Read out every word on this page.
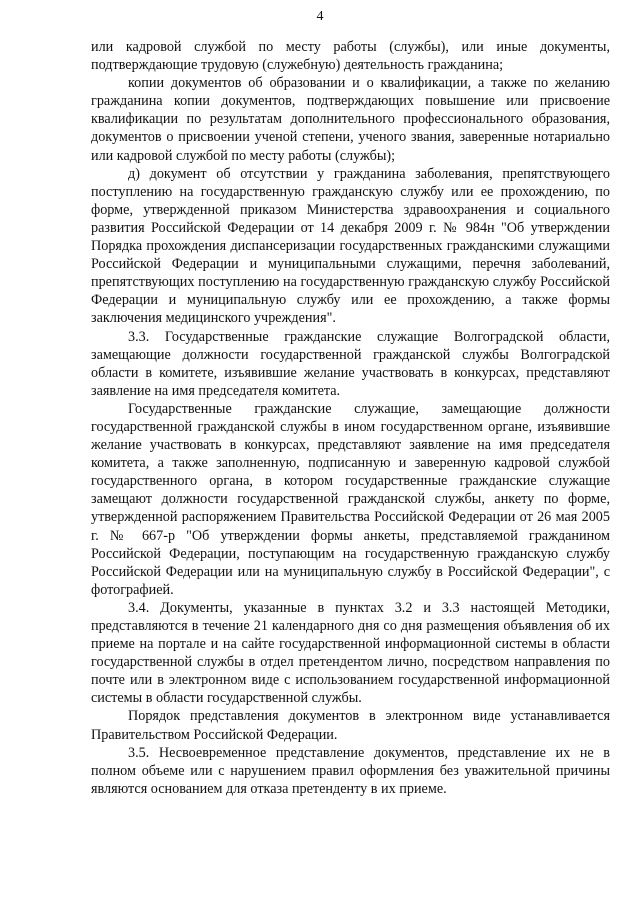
4

или кадровой службой по месту работы (службы), или иные документы, подтверждающие трудовую (служебную) деятельность гражданина;

копии документов об образовании и о квалификации, а также по желанию гражданина копии документов, подтверждающих повышение или присвоение квалификации по результатам дополнительного профессионального образования, документов о присвоении ученой степени, ученого звания, заверенные нотариально или кадровой службой по месту работы (службы);

д) документ об отсутствии у гражданина заболевания, препятствующего поступлению на государственную гражданскую службу или ее прохождению, по форме, утвержденной приказом Министерства здравоохранения и социального развития Российской Федерации от 14 декабря 2009 г. № 984н "Об утверждении Порядка прохождения диспансеризации государственных гражданскими служащими Российской Федерации и муниципальными служащими, перечня заболеваний, препятствующих поступлению на государственную гражданскую службу Российской Федерации и муниципальную службу или ее прохождению, а также формы заключения медицинского учреждения".

3.3. Государственные гражданские служащие Волгоградской области, замещающие должности государственной гражданской службы Волгоградской области в комитете, изъявившие желание участвовать в конкурсах, представляют заявление на имя председателя комитета.

Государственные гражданские служащие, замещающие должности государственной гражданской службы в ином государственном органе, изъявившие желание участвовать в конкурсах, представляют заявление на имя председателя комитета, а также заполненную, подписанную и заверенную кадровой службой государственного органа, в котором государственные гражданские служащие замещают должности государственной гражданской службы, анкету по форме, утвержденной распоряжением Правительства Российской Федерации от 26 мая 2005 г. № 667-р "Об утверждении формы анкеты, представляемой гражданином Российской Федерации, поступающим на государственную гражданскую службу Российской Федерации или на муниципальную службу в Российской Федерации", с фотографией.

3.4. Документы, указанные в пунктах 3.2 и 3.3 настоящей Методики, представляются в течение 21 календарного дня со дня размещения объявления об их приеме на портале и на сайте государственной информационной системы в области государственной службы в отдел претендентом лично, посредством направления по почте или в электронном виде с использованием государственной информационной системы в области государственной службы.

Порядок представления документов в электронном виде устанавливается Правительством Российской Федерации.

3.5. Несвоевременное представление документов, представление их не в полном объеме или с нарушением правил оформления без уважительной причины являются основанием для отказа претенденту в их приеме.
